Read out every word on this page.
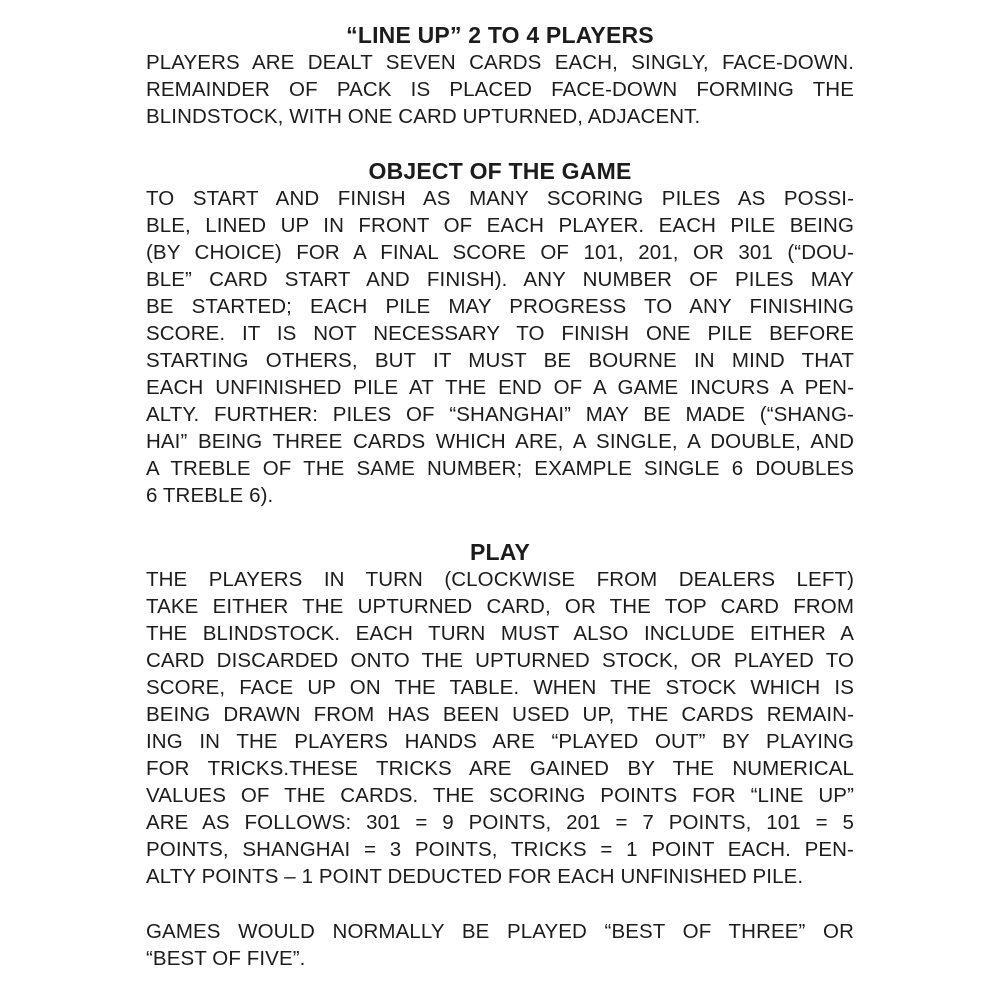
“LINE UP” 2 TO 4 PLAYERS
PLAYERS ARE DEALT SEVEN CARDS EACH, SINGLY, FACE-DOWN.
REMAINDER OF PACK IS PLACED FACE-DOWN FORMING THE
BLINDSTOCK, WITH ONE CARD UPTURNED, ADJACENT.
OBJECT OF THE GAME
TO START AND FINISH AS MANY SCORING PILES AS POSSI-
BLE, LINED UP IN FRONT OF EACH PLAYER. EACH PILE BEING
(BY CHOICE) FOR A FINAL SCORE OF 101, 201, OR 301 (“DOU-
BLE” CARD START AND FINISH). ANY NUMBER OF PILES MAY
BE STARTED; EACH PILE MAY PROGRESS TO ANY FINISHING
SCORE. IT IS NOT NECESSARY TO FINISH ONE PILE BEFORE
STARTING OTHERS, BUT IT MUST BE BOURNE IN MIND THAT
EACH UNFINISHED PILE AT THE END OF A GAME INCURS A PEN-
ALTY. FURTHER: PILES OF “SHANGHAI” MAY BE MADE (“SHANG-
HAI” BEING THREE CARDS WHICH ARE, A SINGLE, A DOUBLE, AND
A TREBLE OF THE SAME NUMBER; EXAMPLE SINGLE 6 DOUBLES
6 TREBLE 6).
PLAY
THE PLAYERS IN TURN (CLOCKWISE FROM DEALERS LEFT)
TAKE EITHER THE UPTURNED CARD, OR THE TOP CARD FROM
THE BLINDSTOCK. EACH TURN MUST ALSO INCLUDE EITHER A
CARD DISCARDED ONTO THE UPTURNED STOCK, OR PLAYED TO
SCORE, FACE UP ON THE TABLE. WHEN THE STOCK WHICH IS
BEING DRAWN FROM HAS BEEN USED UP, THE CARDS REMAIN-
ING IN THE PLAYERS HANDS ARE “PLAYED OUT” BY PLAYING
FOR TRICKS.THESE TRICKS ARE GAINED BY THE NUMERICAL
VALUES OF THE CARDS. THE SCORING POINTS FOR “LINE UP”
ARE AS FOLLOWS: 301 = 9 POINTS, 201 = 7 POINTS, 101 = 5
POINTS, SHANGHAI = 3 POINTS, TRICKS = 1 POINT EACH. PEN-
ALTY POINTS – 1 POINT DEDUCTED FOR EACH UNFINISHED PILE.
GAMES WOULD NORMALLY BE PLAYED “BEST OF THREE” OR
“BEST OF FIVE”.
